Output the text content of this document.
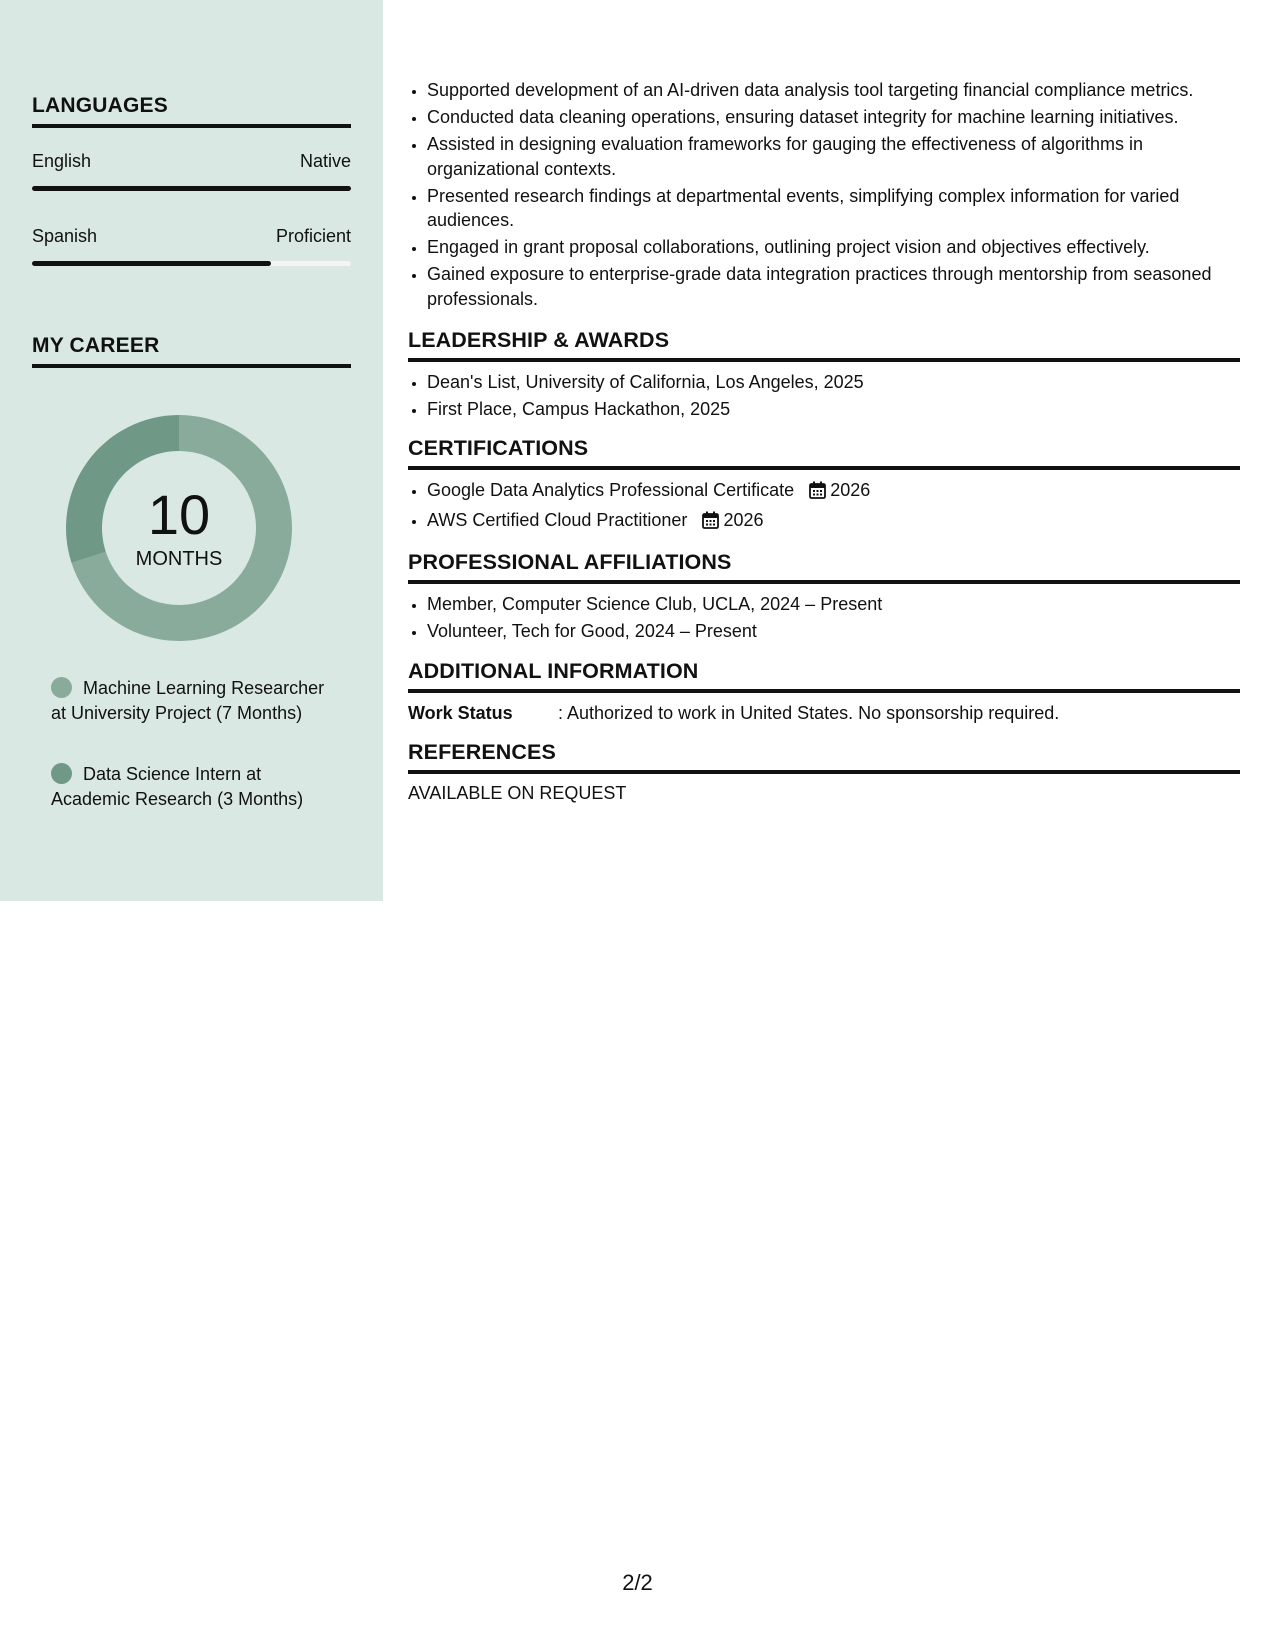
LANGUAGES
English	Native
Spanish	Proficient
MY CAREER
10
MONTHS
Machine Learning Researcher at University Project (7 Months)
Data Science Intern at Academic Research (3 Months)
• Supported development of an AI-driven data analysis tool targeting financial compliance metrics.
• Conducted data cleaning operations, ensuring dataset integrity for machine learning initiatives.
• Assisted in designing evaluation frameworks for gauging the effectiveness of algorithms in organizational contexts.
• Presented research findings at departmental events, simplifying complex information for varied audiences.
• Engaged in grant proposal collaborations, outlining project vision and objectives effectively.
• Gained exposure to enterprise-grade data integration practices through mentorship from seasoned professionals.
LEADERSHIP & AWARDS
• Dean's List, University of California, Los Angeles, 2025
• First Place, Campus Hackathon, 2025
CERTIFICATIONS
• Google Data Analytics Professional Certificate 2026
• AWS Certified Cloud Practitioner 2026
PROFESSIONAL AFFILIATIONS
• Member, Computer Science Club, UCLA, 2024 – Present
• Volunteer, Tech for Good, 2024 – Present
ADDITIONAL INFORMATION
Work Status	: Authorized to work in United States. No sponsorship required.
REFERENCES
AVAILABLE ON REQUEST
2/2
